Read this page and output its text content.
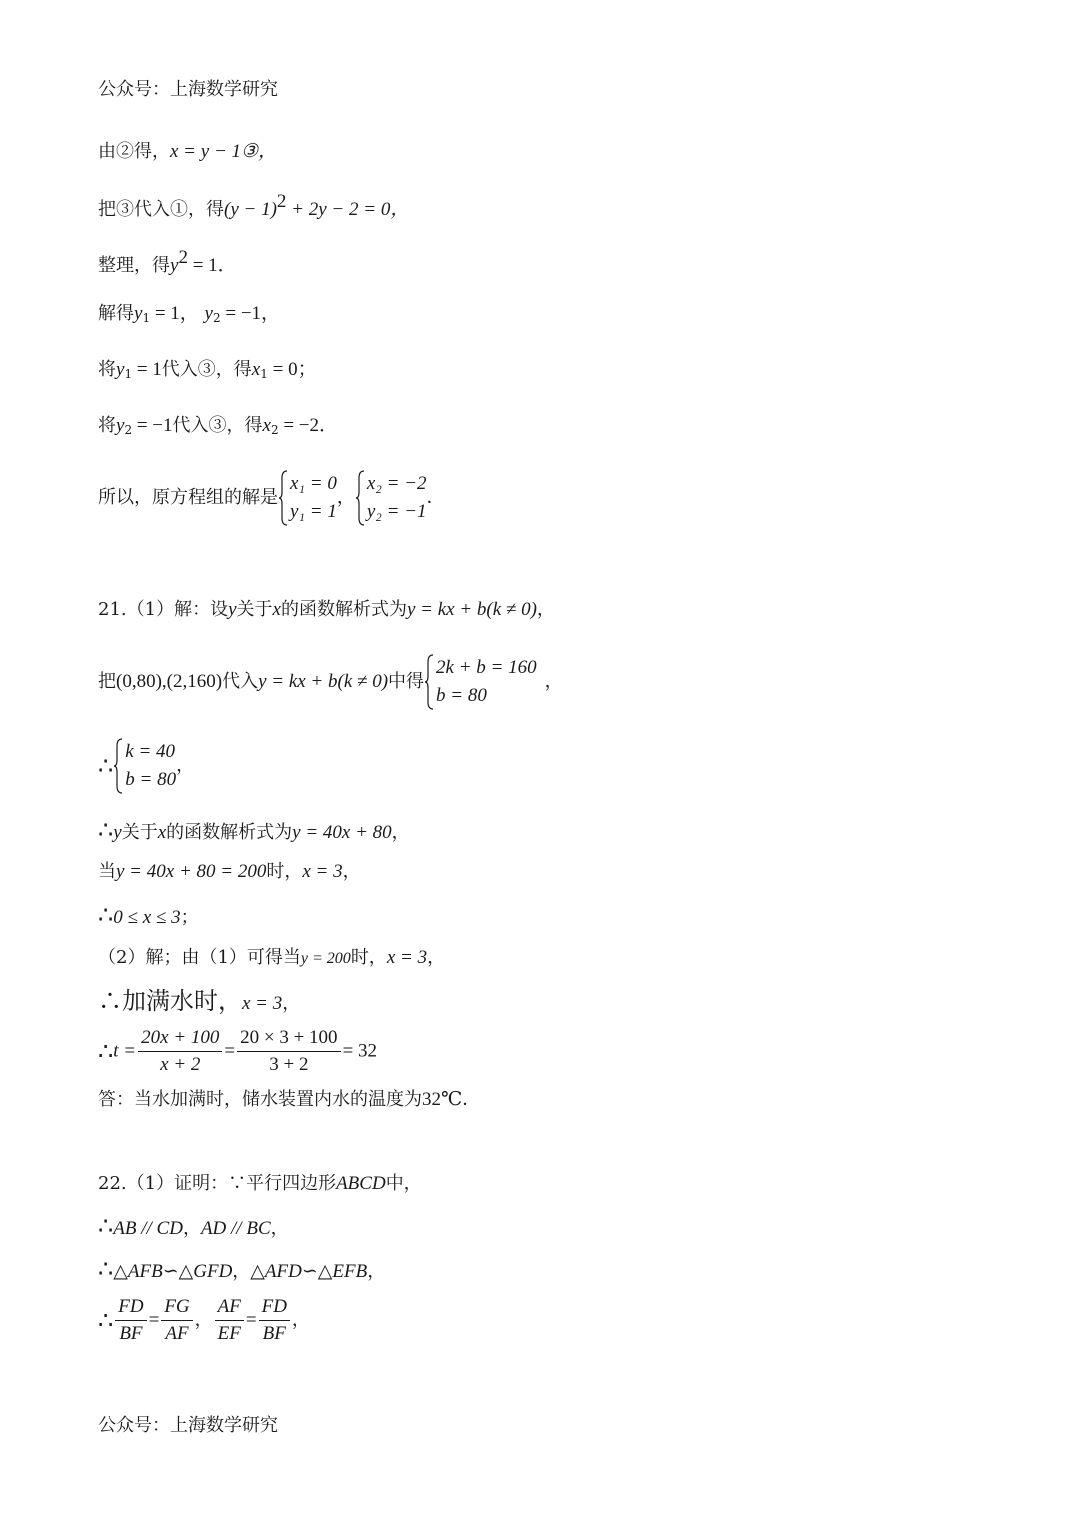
公众号：上海数学研究
由②得，x = y − 1③，
把③代入①，得$(y - 1)^2 + 2y - 2 = 0$，
整理，得$y^2 = 1$．
解得$y_1 = 1$， $y_2 = -1$，
将$y_1 = 1$代入③，得$x_1 = 0$；
将$y_2 = -1$代入③，得$x_2 = -2$．
所以，原方程组的解是
x₁ = 0
y₁ = 1
，
x₂ = −2
y₂ = −1
．
21.（1）解：设y关于x的函数解析式为y = kx + b(k ≠ 0)，
把(0,80),(2,160)代入y = kx + b(k ≠ 0)中得
2k + b = 160
b = 80
，
∴
k = 40
b = 80
，
∴y关于x的函数解析式为y = 40x + 80，
当y = 40x + 80 = 200时，x = 3，
∴0 ≤ x ≤ 3；
（2）解；由（1）可得当y = 200时，x = 3，
∴加满水时，x = 3，
∴t = $\frac{20x + 100}{x + 2} = \frac{20 \times 3 + 100}{3 + 2} = 32$
答：当水加满时，储水装置内水的温度为32℃．
22.（1）证明：∵平行四边形ABCD中，
∴AB // CD，AD // BC，
∴△AFB∽△GFD，△AFD∽△EFB，
∴ $\frac{FD}{BF} = \frac{FG}{AF}$ ， $\frac{AF}{EF} = \frac{FD}{BF}$ ，
公众号：上海数学研究
